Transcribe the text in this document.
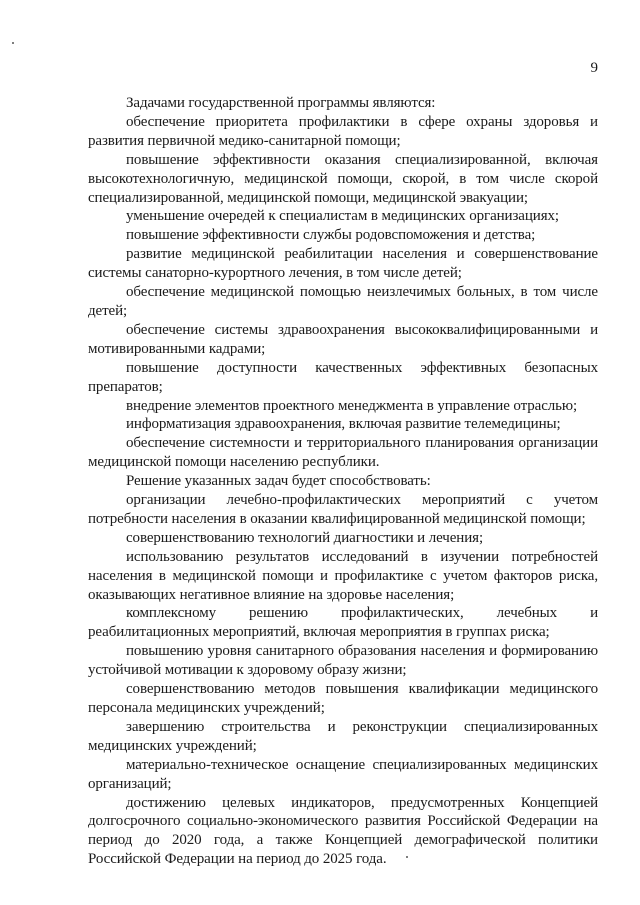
9

Задачами государственной программы являются:

обеспечение приоритета профилактики в сфере охраны здоровья и развития первичной медико-санитарной помощи;

повышение эффективности оказания специализированной, включая высокотехнологичную, медицинской помощи, скорой, в том числе скорой специализированной, медицинской помощи, медицинской эвакуации;

уменьшение очередей к специалистам в медицинских организациях;

повышение эффективности службы родовспоможения и детства;

развитие медицинской реабилитации населения и совершенствование системы санаторно-курортного лечения, в том числе детей;

обеспечение медицинской помощью неизлечимых больных, в том числе детей;

обеспечение системы здравоохранения высококвалифицированными и мотивированными кадрами;

повышение доступности качественных эффективных безопасных препаратов;

внедрение элементов проектного менеджмента в управление отраслью;

информатизация здравоохранения, включая развитие телемедицины;

обеспечение системности и территориального планирования организации медицинской помощи населению республики.

Решение указанных задач будет способствовать:

организации лечебно-профилактических мероприятий с учетом потребности населения в оказании квалифицированной медицинской помощи;

совершенствованию технологий диагностики и лечения;

использованию результатов исследований в изучении потребностей населения в медицинской помощи и профилактике с учетом факторов риска, оказывающих негативное влияние на здоровье населения;

комплексному решению профилактических, лечебных и реабилитационных мероприятий, включая мероприятия в группах риска;

повышению уровня санитарного образования населения и формированию устойчивой мотивации к здоровому образу жизни;

совершенствованию методов повышения квалификации медицинского персонала медицинских учреждений;

завершению строительства и реконструкции специализированных медицинских учреждений;

материально-техническое оснащение специализированных медицинских организаций;

достижению целевых индикаторов, предусмотренных Концепцией долгосрочного социально-экономического развития Российской Федерации на период до 2020 года, а также Концепцией демографической политики Российской Федерации на период до 2025 года.
